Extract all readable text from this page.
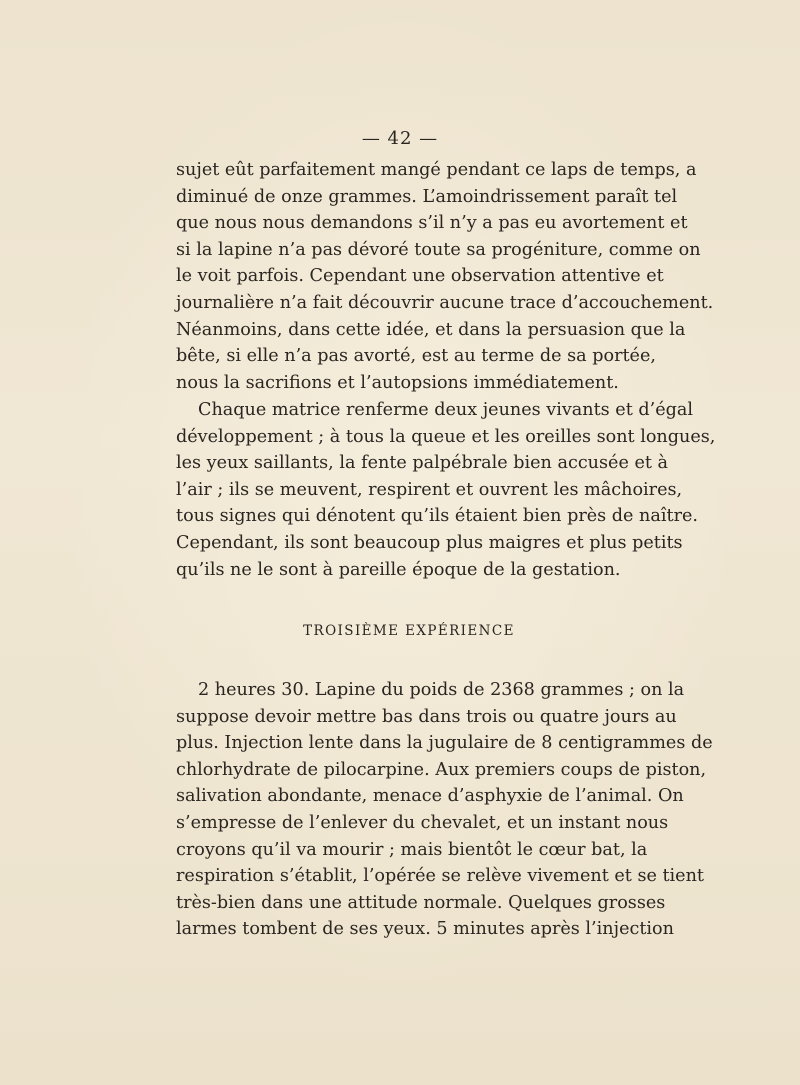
— 42 —
sujet eût parfaitement mangé pendant ce laps de temps, a
diminué de onze grammes. L’amoindrissement paraît tel
que nous nous demandons s’il n’y a pas eu avortement et
si la lapine n’a pas dévoré toute sa progéniture, comme on
le voit parfois. Cependant une observation attentive et
journalière n’a fait découvrir aucune trace d’accouchement.
Néanmoins, dans cette idée, et dans la persuasion que la
bête, si elle n’a pas avorté, est au terme de sa portée,
nous la sacrifions et l’autopsions immédiatement.
Chaque matrice renferme deux jeunes vivants et d’égal
développement ; à tous la queue et les oreilles sont longues,
les yeux saillants, la fente palpébrale bien accusée et à
l’air ; ils se meuvent, respirent et ouvrent les mâchoires,
tous signes qui dénotent qu’ils étaient bien près de naître.
Cependant, ils sont beaucoup plus maigres et plus petits
qu’ils ne le sont à pareille époque de la gestation.
TROISIÈME EXPÉRIENCE
2 heures 30. Lapine du poids de 2368 grammes ; on la
suppose devoir mettre bas dans trois ou quatre jours au
plus. Injection lente dans la jugulaire de 8 centigrammes de
chlorhydrate de pilocarpine. Aux premiers coups de piston,
salivation abondante, menace d’asphyxie de l’animal. On
s’empresse de l’enlever du chevalet, et un instant nous
croyons qu’il va mourir ; mais bientôt le cœur bat, la
respiration s’établit, l’opérée se relève vivement et se tient
très-bien dans une attitude normale. Quelques grosses
larmes tombent de ses yeux. 5 minutes après l’injection
